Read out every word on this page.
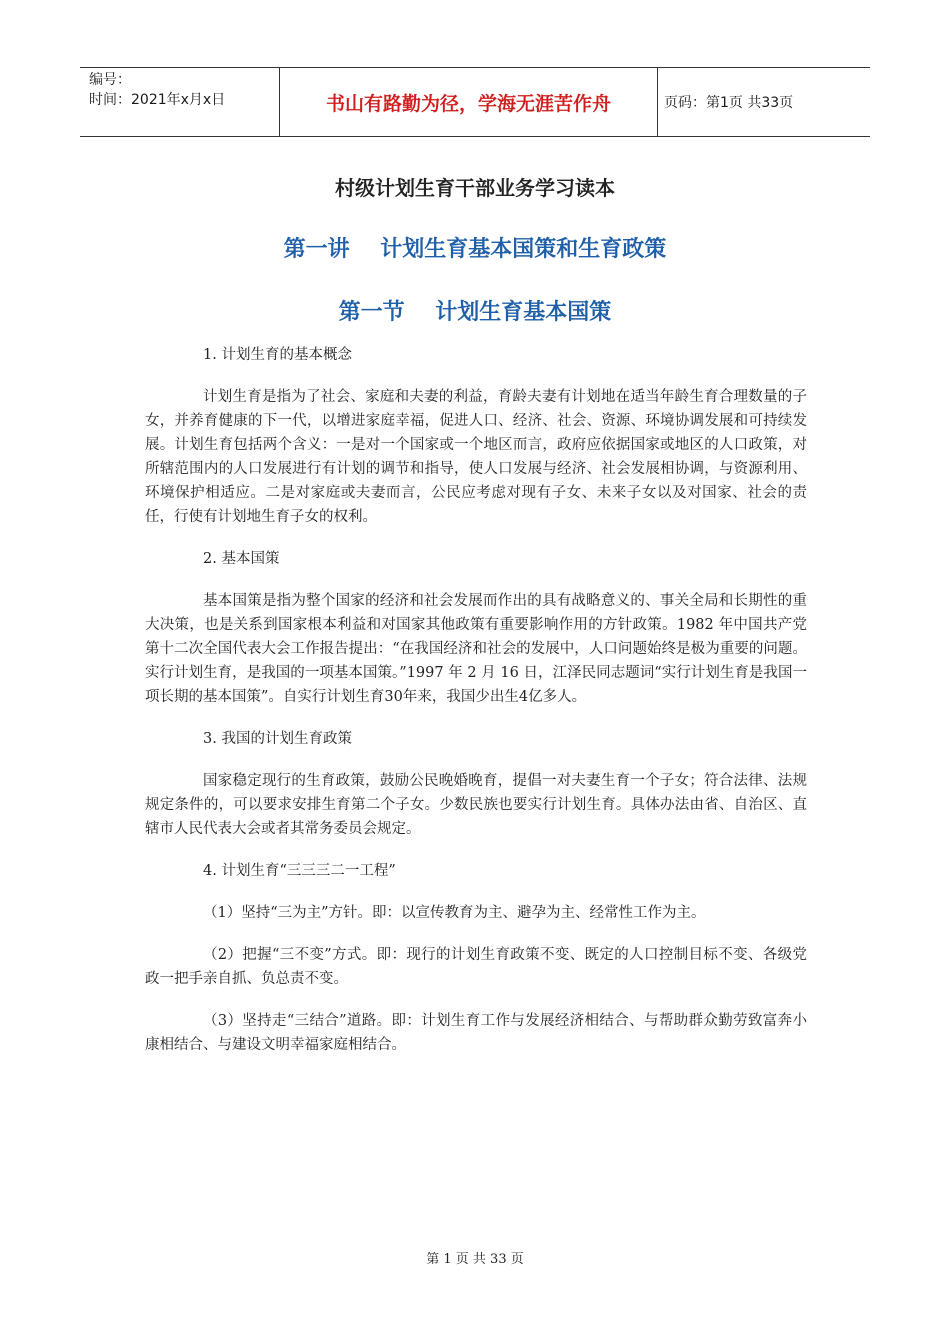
编号：
时间：2021年x月x日	书山有路勤为径，学海无涯苦作舟	页码：第1页 共33页
村级计划生育干部业务学习读本
第一讲    计划生育基本国策和生育政策
第一节    计划生育基本国策

1. 计划生育的基本概念

计划生育是指为了社会、家庭和夫妻的利益，育龄夫妻有计划地在适当年龄生育合理数量的子女，并养育健康的下一代，以增进家庭幸福，促进人口、经济、社会、资源、环境协调发展和可持续发展。计划生育包括两个含义：一是对一个国家或一个地区而言，政府应依据国家或地区的人口政策，对所辖范围内的人口发展进行有计划的调节和指导，使人口发展与经济、社会发展相协调，与资源利用、环境保护相适应。二是对家庭或夫妻而言，公民应考虑对现有子女、未来子女以及对国家、社会的责任，行使有计划地生育子女的权利。

2. 基本国策

基本国策是指为整个国家的经济和社会发展而作出的具有战略意义的、事关全局和长期性的重大决策，也是关系到国家根本利益和对国家其他政策有重要影响作用的方针政策。1982 年中国共产党第十二次全国代表大会工作报告提出：“在我国经济和社会的发展中，人口问题始终是极为重要的问题。实行计划生育，是我国的一项基本国策。”1997 年 2 月 16 日，江泽民同志题词“实行计划生育是我国一项长期的基本国策”。自实行计划生育30年来，我国少出生4亿多人。

3. 我国的计划生育政策

国家稳定现行的生育政策，鼓励公民晚婚晚育，提倡一对夫妻生育一个子女；符合法律、法规规定条件的，可以要求安排生育第二个子女。少数民族也要实行计划生育。具体办法由省、自治区、直辖市人民代表大会或者其常务委员会规定。

4. 计划生育“三三三二一工程”

（1）坚持“三为主”方针。即：以宣传教育为主、避孕为主、经常性工作为主。

（2）把握“三不变”方式。即：现行的计划生育政策不变、既定的人口控制目标不变、各级党政一把手亲自抓、负总责不变。

（3）坚持走“三结合”道路。即：计划生育工作与发展经济相结合、与帮助群众勤劳致富奔小康相结合、与建设文明幸福家庭相结合。

第 1 页 共 33 页
